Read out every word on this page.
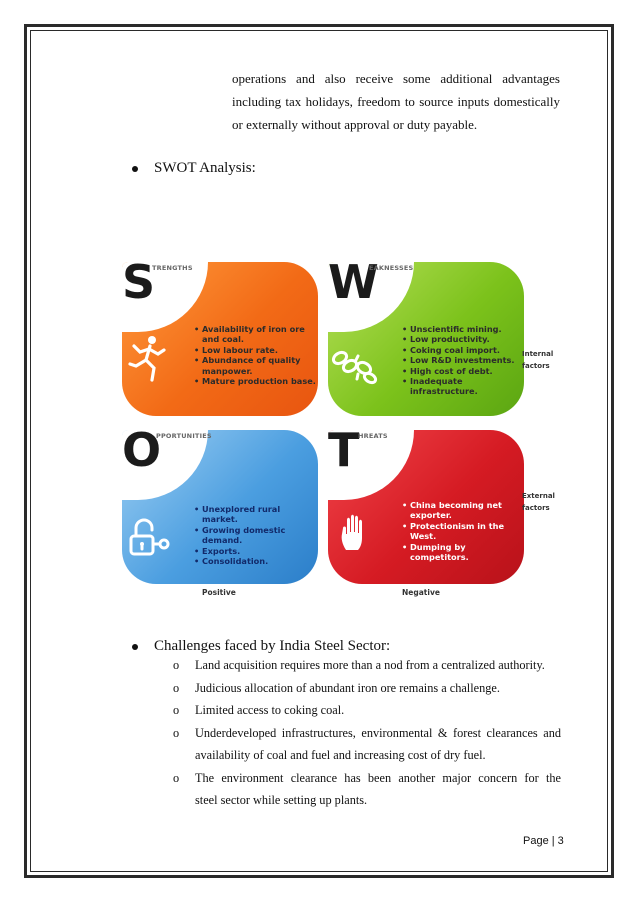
operations and also receive some additional advantages
including tax holidays, freedom to source inputs domestically
or externally without approval or duty payable.
SWOT Analysis:
• Availability of iron ore and coal.
• Low labour rate.
• Abundance of quality manpower.
• Mature production base.
S
TRENGTHS
• Unscientific mining.
• Low productivity.
• Coking coal import.
• Low R&D investments.
• High cost of debt.
• Inadequate infrastructure.
W
EAKNESSES
• Unexplored rural market.
• Growing domestic demand.
• Exports.
• Consolidation.
O
PPORTUNITIES
• China becoming net exporter.
• Protectionism in the West.
• Dumping by competitors.
T
HREATS
Internal factors
External factors
Positive	Negative
Challenges faced by India Steel Sector:
o Land acquisition requires more than a nod from a centralized authority.
o Judicious allocation of abundant iron ore remains a challenge.
o Limited access to coking coal.
o Underdeveloped infrastructures, environmental & forest clearances and
availability of coal and fuel and increasing cost of dry fuel.
o The environment clearance has been another major concern for the
steel sector while setting up plants.
Page | 3
